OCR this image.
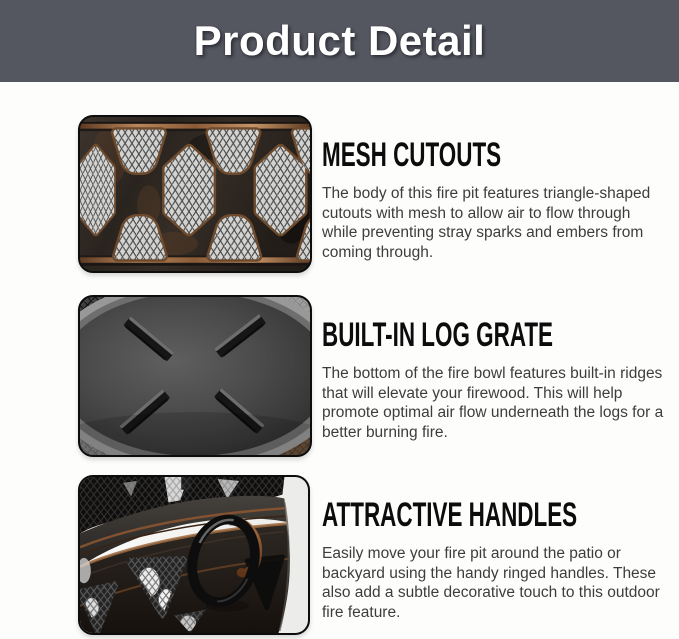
Product Detail
MESH CUTOUTS

The body of this fire pit features triangle-shaped cutouts with mesh to allow air to flow through while preventing stray sparks and embers from coming through.

BUILT-IN LOG GRATE

The bottom of the fire bowl features built-in ridges that will elevate your firewood. This will help promote optimal air flow underneath the logs for a better burning fire.

ATTRACTIVE HANDLES

Easily move your fire pit around the patio or backyard using the handy ringed handles. These also add a subtle decorative touch to this outdoor fire feature.
